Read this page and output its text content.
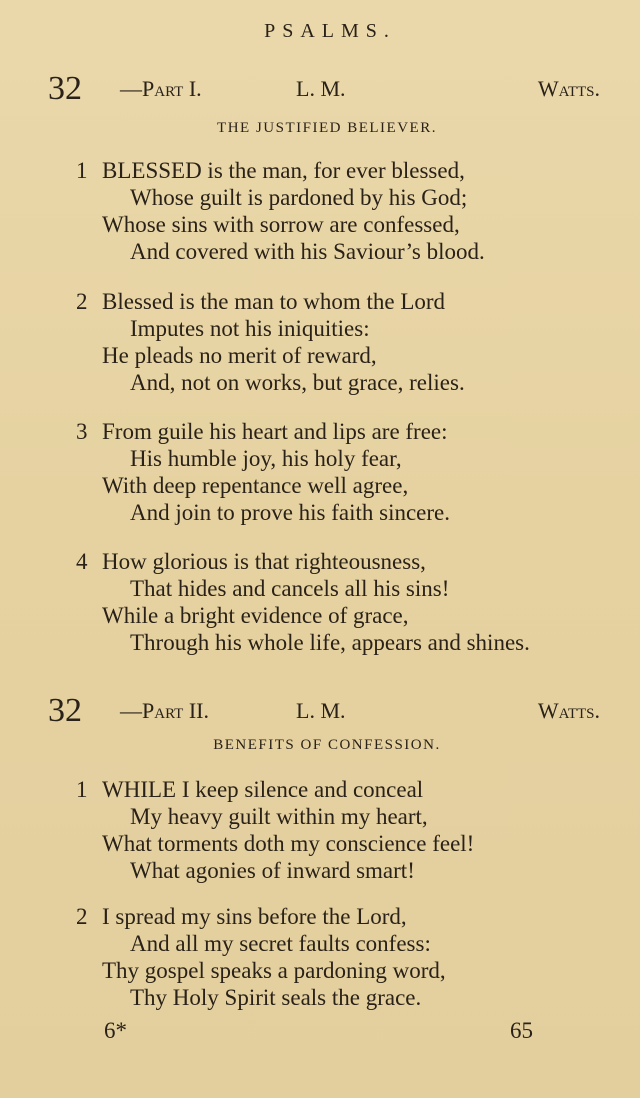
PSALMS.
32 —Part I.	L. M.	Watts.
THE JUSTIFIED BELIEVER.
1 BLESSED is the man, for ever blessed,
Whose guilt is pardoned by his God;
Whose sins with sorrow are confessed,
And covered with his Saviour’s blood.
2 Blessed is the man to whom the Lord
Imputes not his iniquities:
He pleads no merit of reward,
And, not on works, but grace, relies.
3 From guile his heart and lips are free:
His humble joy, his holy fear,
With deep repentance well agree,
And join to prove his faith sincere.
4 How glorious is that righteousness,
That hides and cancels all his sins!
While a bright evidence of grace,
Through his whole life, appears and shines.
32 —Part II.	L. M.	Watts.
BENEFITS OF CONFESSION.
1 WHILE I keep silence and conceal
My heavy guilt within my heart,
What torments doth my conscience feel!
What agonies of inward smart!
2 I spread my sins before the Lord,
And all my secret faults confess:
Thy gospel speaks a pardoning word,
Thy Holy Spirit seals the grace.
6*	65
